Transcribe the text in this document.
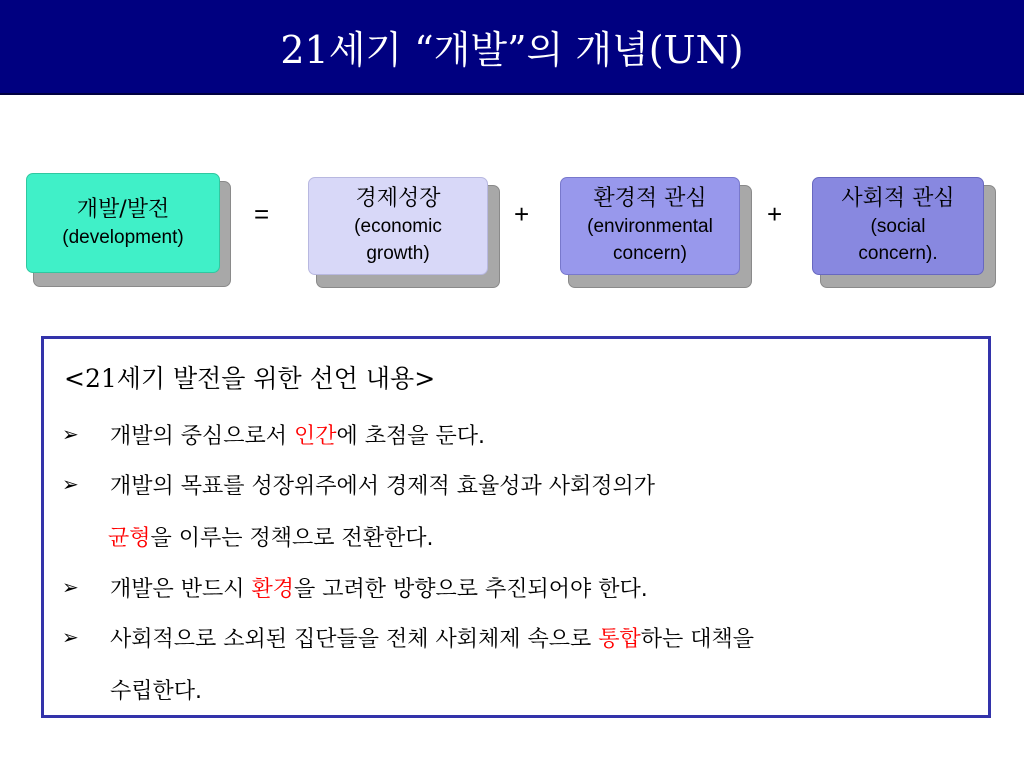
21세기 “개발”의 개념(UN)
개발/발전
(development)
=
경제성장
(economic
growth)
+
환경적 관심
(environmental
concern)
+
사회적 관심
(social
concern).
<21세기 발전을 위한 선언 내용>
➢ 개발의 중심으로서 인간에 초점을 둔다.
➢ 개발의 목표를 성장위주에서 경제적 효율성과 사회정의가
균형을 이루는 정책으로 전환한다.
➢ 개발은 반드시 환경을 고려한 방향으로 추진되어야 한다.
➢ 사회적으로 소외된 집단들을 전체 사회체제 속으로 통합하는 대책을
수립한다.
